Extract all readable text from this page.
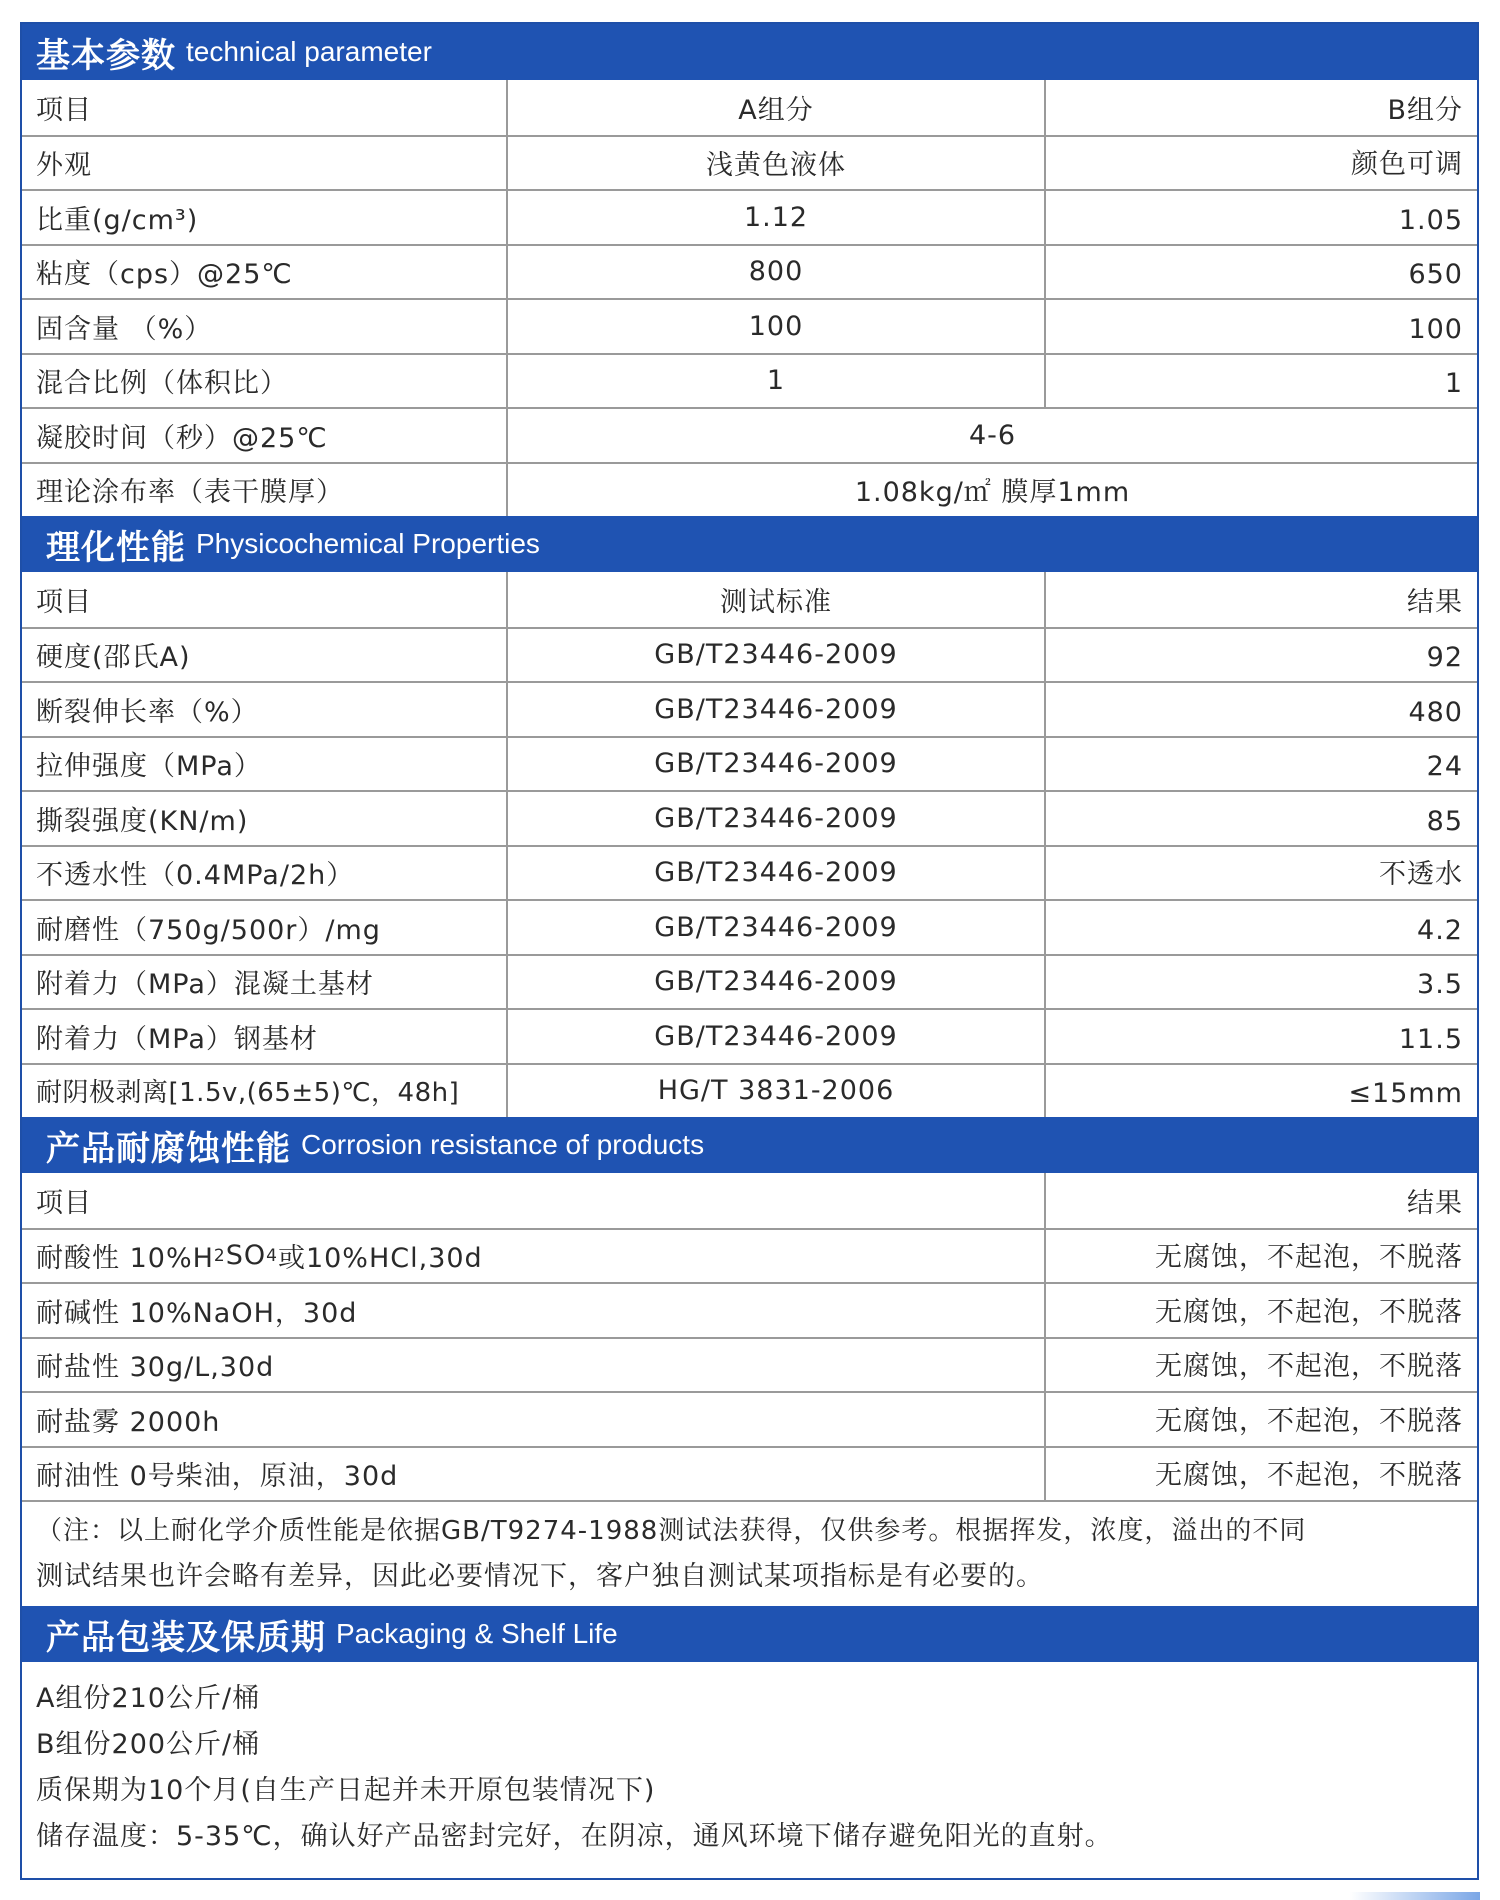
基本参数 technical parameter
项目	A组分	B组分
外观	浅黄色液体	颜色可调
比重(g/cm³)	1.12	1.05
粘度（cps）@25℃	800	650
固含量 （%）	100	100
混合比例（体积比）	1	1
凝胶时间（秒）@25℃	4-6
理论涂布率（表干膜厚）	1.08kg/㎡ 膜厚1mm
理化性能 Physicochemical Properties
项目	测试标准	结果
硬度(邵氏A)	GB/T23446-2009	92
断裂伸长率（%）	GB/T23446-2009	480
拉伸强度（MPa）	GB/T23446-2009	24
撕裂强度(KN/m)	GB/T23446-2009	85
不透水性（0.4MPa/2h）	GB/T23446-2009	不透水
耐磨性（750g/500r）/mg	GB/T23446-2009	4.2
附着力（MPa）混凝土基材	GB/T23446-2009	3.5
附着力（MPa）钢基材	GB/T23446-2009	11.5
耐阴极剥离[1.5v,(65±5)℃，48h]	HG/T 3831-2006	≤15mm
产品耐腐蚀性能 Corrosion resistance of products
项目	结果
耐酸性 10%H 2 SO 4 或10%HCl,30d	无腐蚀，不起泡，不脱落
耐碱性 10%NaOH，30d	无腐蚀，不起泡，不脱落
耐盐性 30g/L,30d	无腐蚀，不起泡，不脱落
耐盐雾 2000h	无腐蚀，不起泡，不脱落
耐油性 0号柴油，原油，30d	无腐蚀，不起泡，不脱落
（注：以上耐化学介质性能是依据GB/T9274-1988测试法获得，仅供参考。根据挥发，浓度，溢出的不同
测试结果也许会略有差异，因此必要情况下，客户独自测试某项指标是有必要的。
产品包装及保质期 Packaging & Shelf Life
A组份210公斤/桶
B组份200公斤/桶
质保期为10个月(自生产日起并未开原包装情况下)
储存温度：5-35℃，确认好产品密封完好，在阴凉，通风环境下储存避免阳光的直射。
